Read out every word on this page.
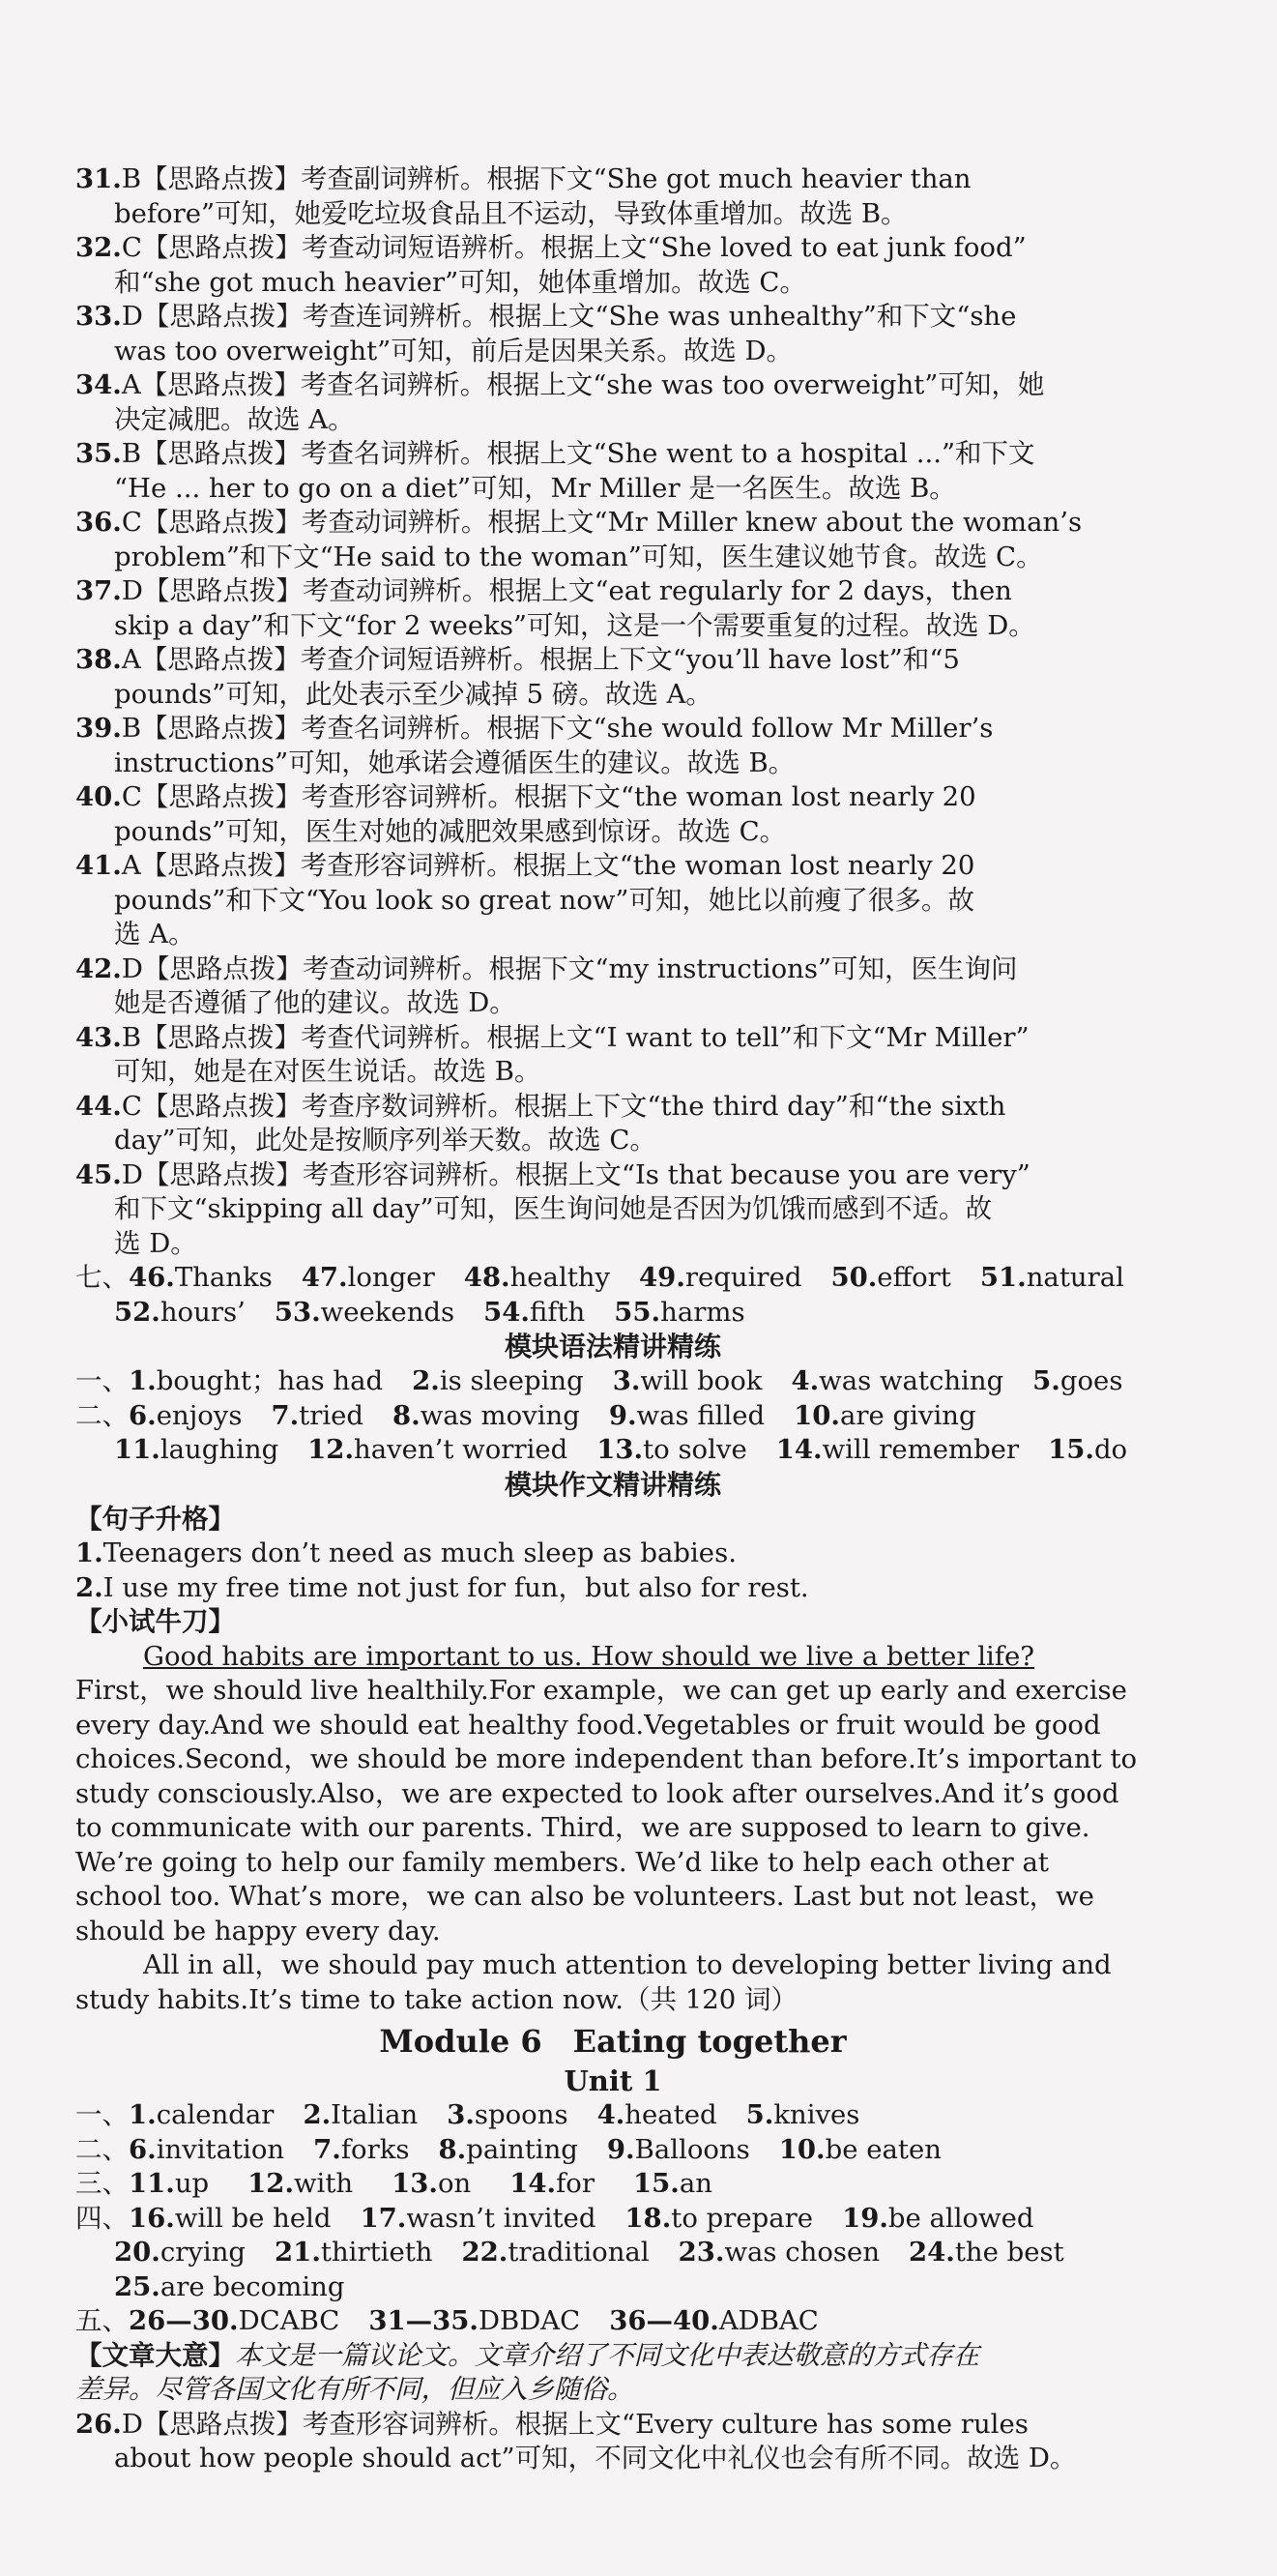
31.B【思路点拨】考查副词辨析。根据下文“She got much heavier than
before”可知，她爱吃垃圾食品且不运动，导致体重增加。故选 B。
32.C【思路点拨】考查动词短语辨析。根据上文“She loved to eat junk food”
和“she got much heavier”可知，她体重增加。故选 C。
33.D【思路点拨】考查连词辨析。根据上文“She was unhealthy”和下文“she
was too overweight”可知，前后是因果关系。故选 D。
34.A【思路点拨】考查名词辨析。根据上文“she was too overweight”可知，她
决定减肥。故选 A。
35.B【思路点拨】考查名词辨析。根据上文“She went to a hospital ...”和下文
“He ... her to go on a diet”可知，Mr Miller 是一名医生。故选 B。
36.C【思路点拨】考查动词辨析。根据上文“Mr Miller knew about the woman’s
problem”和下文“He said to the woman”可知，医生建议她节食。故选 C。
37.D【思路点拨】考查动词辨析。根据上文“eat regularly for 2 days，then
skip a day”和下文“for 2 weeks”可知，这是一个需要重复的过程。故选 D。
38.A【思路点拨】考查介词短语辨析。根据上下文“you’ll have lost”和“5
pounds”可知，此处表示至少减掉 5 磅。故选 A。
39.B【思路点拨】考查名词辨析。根据下文“she would follow Mr Miller’s
instructions”可知，她承诺会遵循医生的建议。故选 B。
40.C【思路点拨】考查形容词辨析。根据下文“the woman lost nearly 20
pounds”可知，医生对她的减肥效果感到惊讶。故选 C。
41.A【思路点拨】考查形容词辨析。根据上文“the woman lost nearly 20
pounds”和下文“You look so great now”可知，她比以前瘦了很多。故
选 A。
42.D【思路点拨】考查动词辨析。根据下文“my instructions”可知，医生询问
她是否遵循了他的建议。故选 D。
43.B【思路点拨】考查代词辨析。根据上文“I want to tell”和下文“Mr Miller”
可知，她是在对医生说话。故选 B。
44.C【思路点拨】考查序数词辨析。根据上下文“the third day”和“the sixth
day”可知，此处是按顺序列举天数。故选 C。
45.D【思路点拨】考查形容词辨析。根据上文“Is that because you are very”
和下文“skipping all day”可知，医生询问她是否因为饥饿而感到不适。故
选 D。
七、46.Thanks 47.longer 48.healthy 49.required 50.effort 51.natural
52.hours’ 53.weekends 54.fifth 55.harms
模块语法精讲精练
一、1.bought；has had 2.is sleeping 3.will book 4.was watching 5.goes
二、6.enjoys 7.tried 8.was moving 9.was filled 10.are giving
11.laughing 12.haven’t worried 13.to solve 14.will remember 15.do
模块作文精讲精练
【句子升格】
1.Teenagers don’t need as much sleep as babies.
2.I use my free time not just for fun，but also for rest.
【小试牛刀】
Good habits are important to us. How should we live a better life?
First，we should live healthily.For example，we can get up early and exercise
every day.And we should eat healthy food.Vegetables or fruit would be good
choices.Second，we should be more independent than before.It’s important to
study consciously.Also，we are expected to look after ourselves.And it’s good
to communicate with our parents. Third，we are supposed to learn to give.
We’re going to help our family members. We’d like to help each other at
school too. What’s more，we can also be volunteers. Last but not least，we
should be happy every day.
All in all，we should pay much attention to developing better living and
study habits.It’s time to take action now.（共 120 词）
Module 6　Eating together
Unit 1
一、1.calendar 2.Italian 3.spoons 4.heated 5.knives
二、6.invitation 7.forks 8.painting 9.Balloons 10.be eaten
三、11.up 12.with 13.on 14.for 15.an
四、16.will be held 17.wasn’t invited 18.to prepare 19.be allowed
20.crying 21.thirtieth 22.traditional 23.was chosen 24.the best
25.are becoming
五、26—30.DCABC 31—35.DBDAC 36—40.ADBAC
【文章大意】本文是一篇议论文。文章介绍了不同文化中表达敬意的方式存在
差异。尽管各国文化有所不同，但应入乡随俗。
26.D【思路点拨】考查形容词辨析。根据上文“Every culture has some rules
about how people should act”可知，不同文化中礼仪也会有所不同。故选 D。
